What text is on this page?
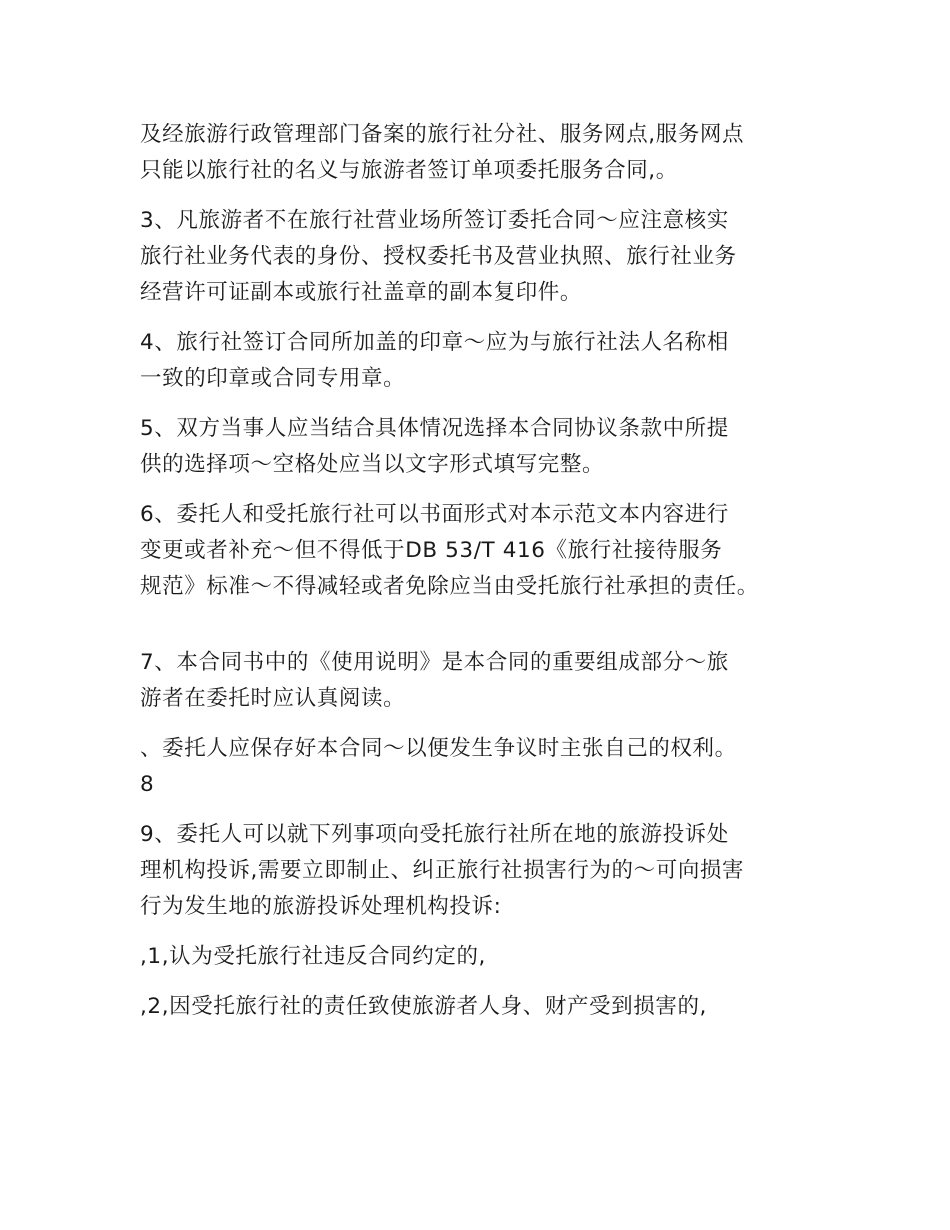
及经旅游行政管理部门备案的旅行社分社、服务网点,服务网点
只能以旅行社的名义与旅游者签订单项委托服务合同,。

3、凡旅游者不在旅行社营业场所签订委托合同～应注意核实
旅行社业务代表的身份、授权委托书及营业执照、旅行社业务
经营许可证副本或旅行社盖章的副本复印件。

4、旅行社签订合同所加盖的印章～应为与旅行社法人名称相
一致的印章或合同专用章。

5、双方当事人应当结合具体情况选择本合同协议条款中所提
供的选择项～空格处应当以文字形式填写完整。

6、委托人和受托旅行社可以书面形式对本示范文本内容进行
变更或者补充～但不得低于DB 53/T 416《旅行社接待服务
规范》标准～不得减轻或者免除应当由受托旅行社承担的责任。

7、本合同书中的《使用说明》是本合同的重要组成部分～旅
游者在委托时应认真阅读。

、委托人应保存好本合同～以便发生争议时主张自己的权利。
8

9、委托人可以就下列事项向受托旅行社所在地的旅游投诉处
理机构投诉,需要立即制止、纠正旅行社损害行为的～可向损害
行为发生地的旅游投诉处理机构投诉:

,1,认为受托旅行社违反合同约定的,

,2,因受托旅行社的责任致使旅游者人身、财产受到损害的,
